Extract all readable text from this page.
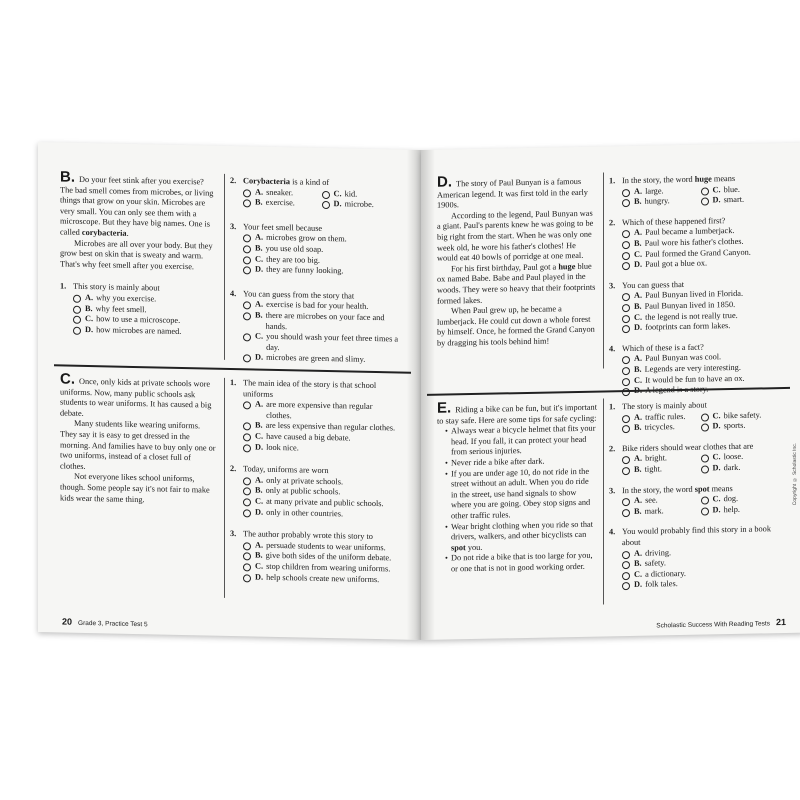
B. Do your feet stink after you exercise? The bad smell comes from microbes, or living things that grow on your skin. Microbes are very small. You can only see them with a microscope. But they have big names. One is called corybacteria.

Microbes are all over your body. But they grow best on skin that is sweaty and warm. That's why feet smell after you exercise.

1. This story is mainly about
A. why you exercise.
B. why feet smell.
C. how to use a microscope.
D. how microbes are named.
2. Corybacteria is a kind of
A. sneaker.	C. kid.
B. exercise.	D. microbe.
3. Your feet smell because
A. microbes grow on them.
B. you use old soap.
C. they are too big.
D. they are funny looking.
4. You can guess from the story that
A. exercise is bad for your health.
B. there are microbes on your face and hands.
C. you should wash your feet three times a day.
D. microbes are green and slimy.

C. Once, only kids at private schools wore uniforms. Now, many public schools ask students to wear uniforms. It has caused a big debate.

Many students like wearing uniforms. They say it is easy to get dressed in the morning. And families have to buy only one or two uniforms, instead of a closet full of clothes.

Not everyone likes school uniforms, though. Some people say it's not fair to make kids wear the same thing.

1. The main idea of the story is that school uniforms
A. are more expensive than regular clothes.
B. are less expensive than regular clothes.
C. have caused a big debate.
D. look nice.
2. Today, uniforms are worn
A. only at private schools.
B. only at public schools.
C. at many private and public schools.
D. only in other countries.
3. The author probably wrote this story to
A. persuade students to wear uniforms.
B. give both sides of the uniform debate.
C. stop children from wearing uniforms.
D. help schools create new uniforms.
20 Grade 3, Practice Test 5
Copyright © Scholastic Inc.

D. The story of Paul Bunyan is a famous American legend. It was first told in the early 1900s.

According to the legend, Paul Bunyan was a giant. Paul's parents knew he was going to be big right from the start. When he was only one week old, he wore his father's clothes! He would eat 40 bowls of porridge at one meal.

For his first birthday, Paul got a huge blue ox named Babe. Babe and Paul played in the woods. They were so heavy that their footprints formed lakes.

When Paul grew up, he became a lumberjack. He could cut down a whole forest by himself. Once, he formed the Grand Canyon by dragging his tools behind him!

1. In the story, the word huge means
A. large.	C. blue.
B. hungry.	D. smart.
2. Which of these happened first?
A. Paul became a lumberjack.
B. Paul wore his father's clothes.
C. Paul formed the Grand Canyon.
D. Paul got a blue ox.
3. You can guess that
A. Paul Bunyan lived in Florida.
B. Paul Bunyan lived in 1850.
C. the legend is not really true.
D. footprints can form lakes.
4. Which of these is a fact?
A. Paul Bunyan was cool.
B. Legends are very interesting.
C. It would be fun to have an ox.

E. Riding a bike can be fun, but it's important to stay safe. Here are some tips for safe cycling:

• Always wear a bicycle helmet that fits your head. If you fall, it can protect your head from serious injuries.
• Never ride a bike after dark.
• If you are under age 10, do not ride in the street without an adult. When you do ride in the street, use hand signals to show where you are going. Obey stop signs and other traffic rules.
• Wear bright clothing when you ride so that drivers, walkers, and other bicyclists can spot you.
• Do not ride a bike that is too large for you, or one that is not in good working order.
1. The story is mainly about
A. traffic rules.	C. bike safety.
B. tricycles.	D. sports.
2. Bike riders should wear clothes that are
A. bright.	C. loose.
B. tight.	D. dark.
3. In the story, the word spot means
A. see.	C. dog.
B. mark.	D. help.
4. You would probably find this story in a book about
A. driving.
B. safety.
C. a dictionary.
D. folk tales.
Scholastic Success With Reading Tests 21
